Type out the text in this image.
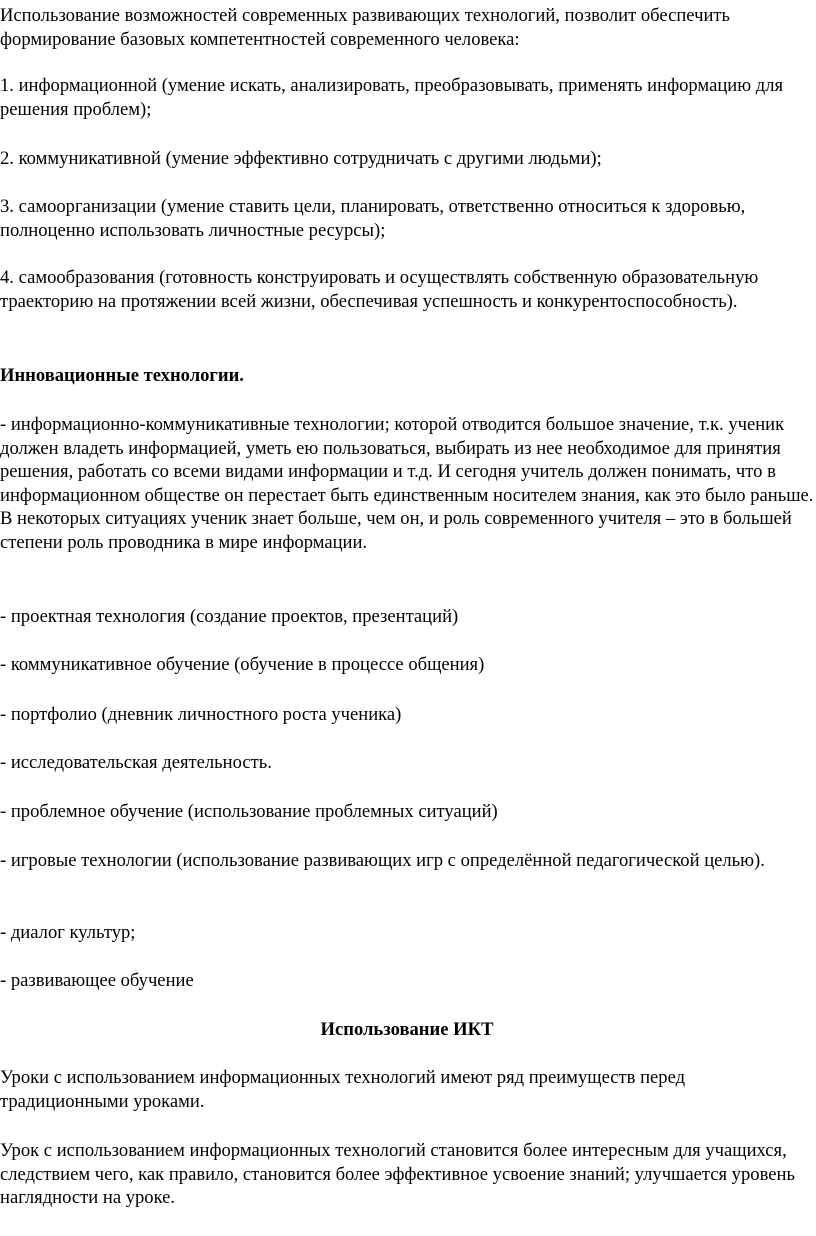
Использование возможностей современных развивающих технологий, позволит обеспечить формирование базовых компетентностей современного человека:

1. информационной (умение искать, анализировать, преобразовывать, применять информацию для решения проблем);

2. коммуникативной (умение эффективно сотрудничать с другими людьми);

3. самоорганизации (умение ставить цели, планировать, ответственно относиться к здоровью, полноценно использовать личностные ресурсы);

4. самообразования (готовность конструировать и осуществлять собственную образовательную траекторию на протяжении всей жизни, обеспечивая успешность и конкурентоспособность).

Инновационные технологии.

- информационно-коммуникативные технологии; которой отводится большое значение, т.к. ученик должен владеть информацией, уметь ею пользоваться, выбирать из нее необходимое для принятия решения, работать со всеми видами информации и т.д. И сегодня учитель должен понимать, что в информационном обществе он перестает быть единственным носителем знания, как это было раньше. В некоторых ситуациях ученик знает больше, чем он, и роль современного учителя – это в большей степени роль проводника в мире информации.

- проектная технология (создание проектов, презентаций)

- коммуникативное обучение (обучение в процессе общения)

- портфолио (дневник личностного роста ученика)

- исследовательская деятельность.

- проблемное обучение (использование проблемных ситуаций)

- игровые технологии (использование развивающих игр с определённой педагогической целью).

- диалог культур;

- развивающее обучение

Использование ИКТ

Уроки с использованием информационных технологий имеют ряд преимуществ перед традиционными уроками.

Урок с использованием информационных технологий становится более интересным для учащихся, следствием чего, как правило, становится более эффективное усвоение знаний; улучшается уровень наглядности на уроке.
